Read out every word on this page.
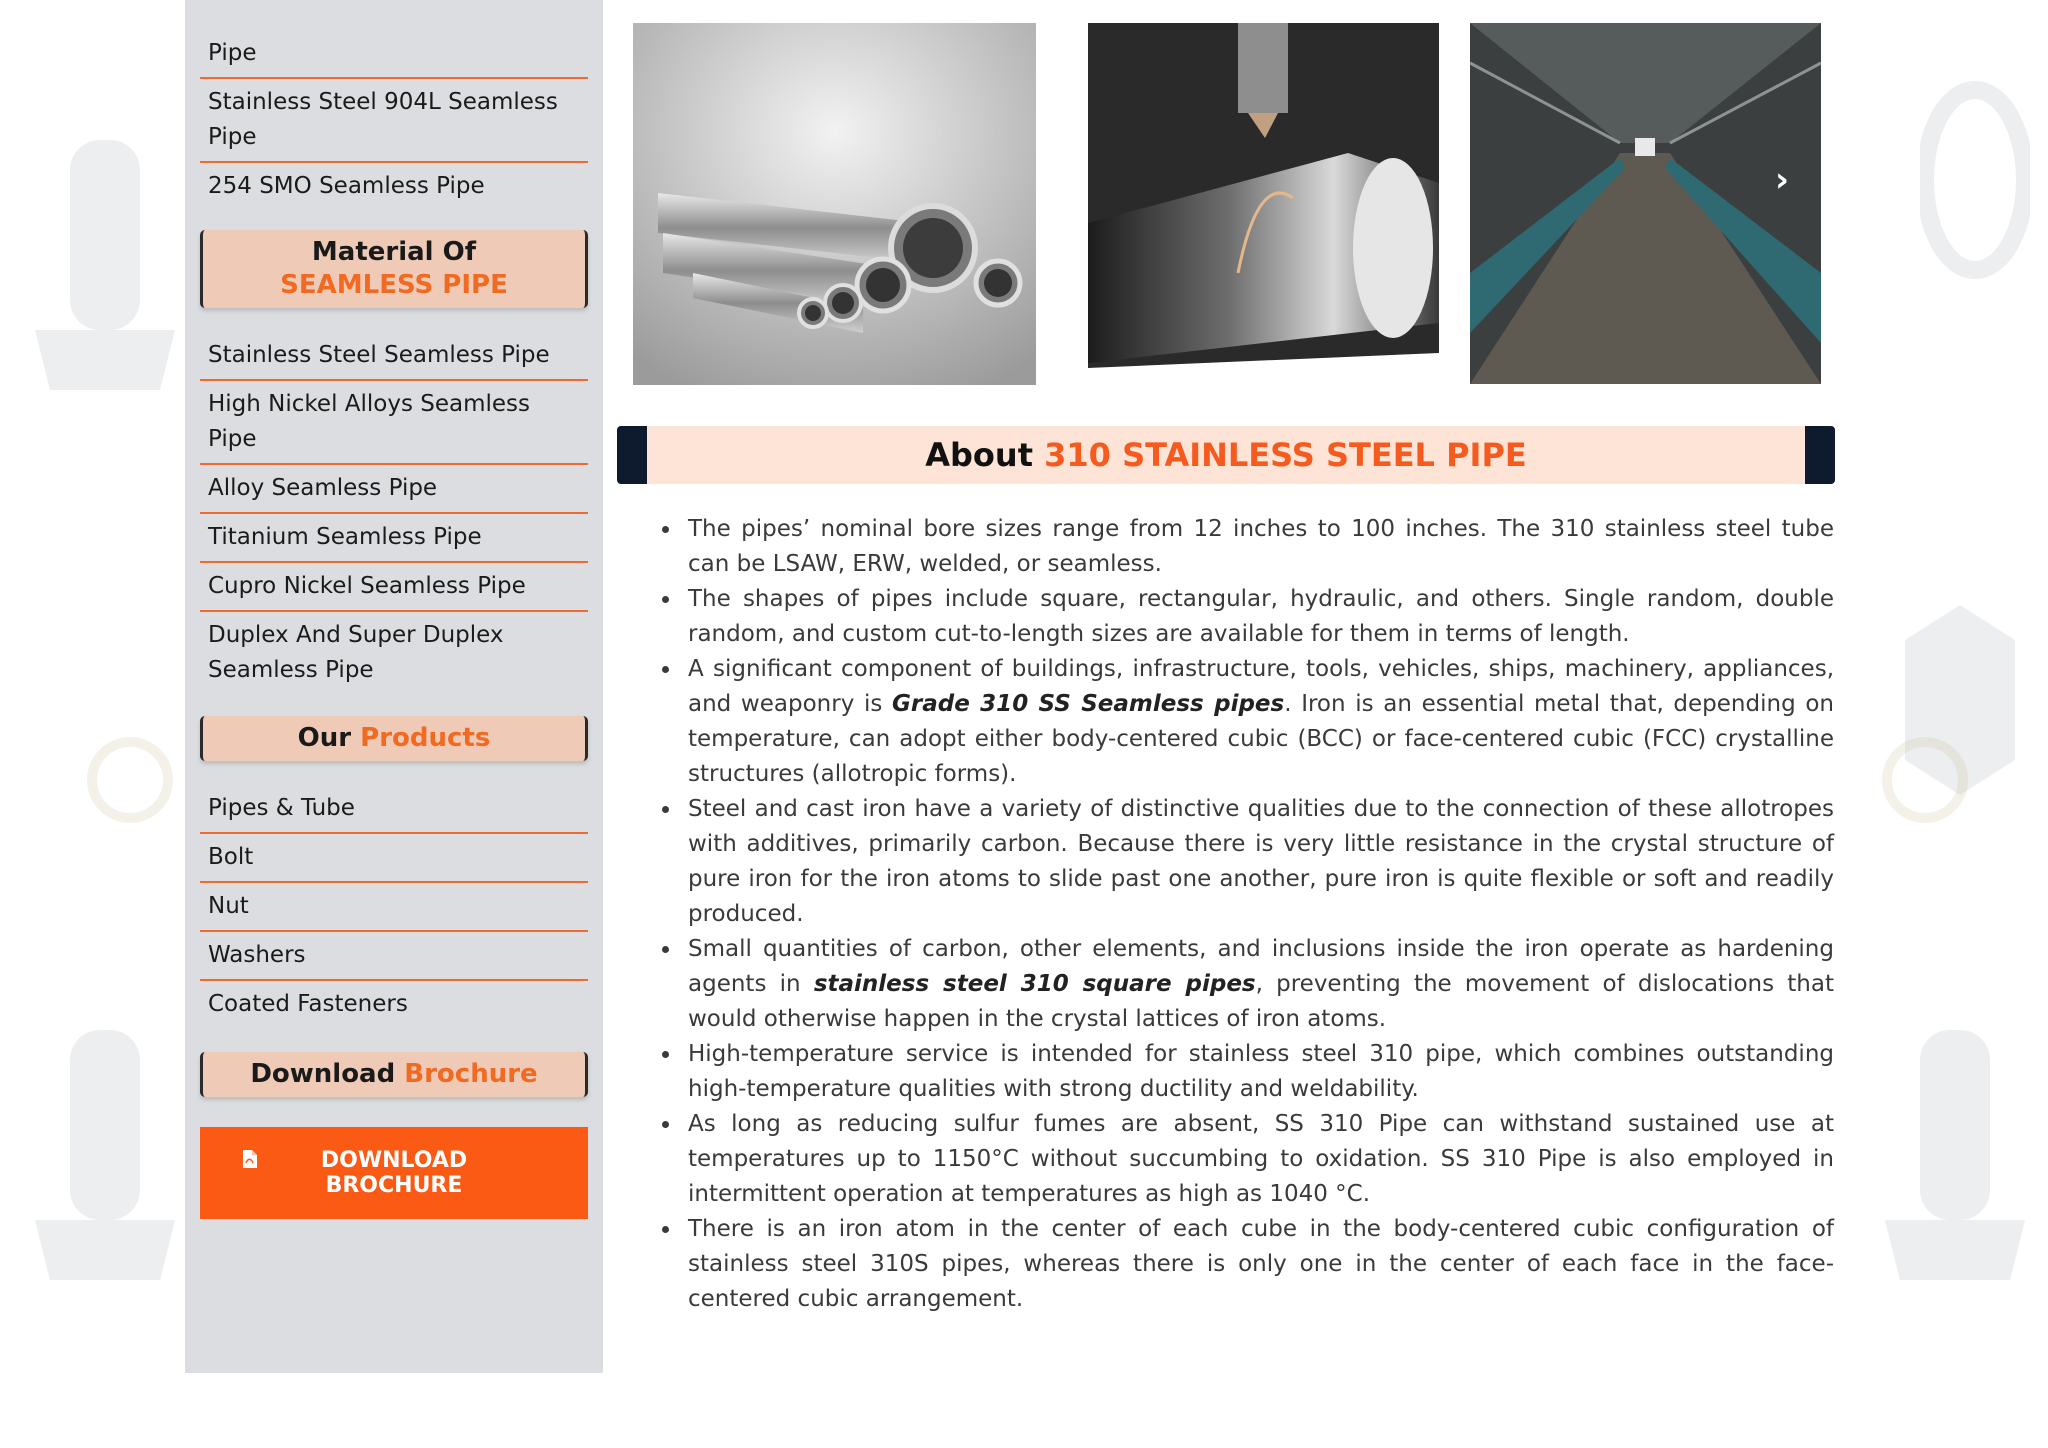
Pipe
Stainless Steel 904L Seamless Pipe
254 SMO Seamless Pipe
Material Of
SEAMLESS PIPE
Stainless Steel Seamless Pipe
High Nickel Alloys Seamless Pipe
Alloy Seamless Pipe
Titanium Seamless Pipe
Cupro Nickel Seamless Pipe
Duplex And Super Duplex Seamless Pipe
Our Products
Pipes & Tube
Bolt
Nut
Washers
Coated Fasteners
Download Brochure
DOWNLOAD
BROCHURE
›
About 310 STAINLESS STEEL PIPE
The pipes’ nominal bore sizes range from 12 inches to 100 inches. The 310 stainless steel tube can be LSAW, ERW, welded, or seamless.
The shapes of pipes include square, rectangular, hydraulic, and others. Single random, double random, and custom cut-to-length sizes are available for them in terms of length.
A significant component of buildings, infrastructure, tools, vehicles, ships, machinery, appliances, and weaponry is Grade 310 SS Seamless pipes. Iron is an essential metal that, depending on temperature, can adopt either body-centered cubic (BCC) or face-centered cubic (FCC) crystalline structures (allotropic forms).
Steel and cast iron have a variety of distinctive qualities due to the connection of these allotropes with additives, primarily carbon. Because there is very little resistance in the crystal structure of pure iron for the iron atoms to slide past one another, pure iron is quite flexible or soft and readily produced.
Small quantities of carbon, other elements, and inclusions inside the iron operate as hardening agents in stainless steel 310 square pipes, preventing the movement of dislocations that would otherwise happen in the crystal lattices of iron atoms.
High-temperature service is intended for stainless steel 310 pipe, which combines outstanding high-temperature qualities with strong ductility and weldability.
As long as reducing sulfur fumes are absent, SS 310 Pipe can withstand sustained use at temperatures up to 1150°C without succumbing to oxidation. SS 310 Pipe is also employed in intermittent operation at temperatures as high as 1040 °C.
There is an iron atom in the center of each cube in the body-centered cubic configuration of stainless steel 310S pipes, whereas there is only one in the center of each face in the face-centered cubic arrangement.
